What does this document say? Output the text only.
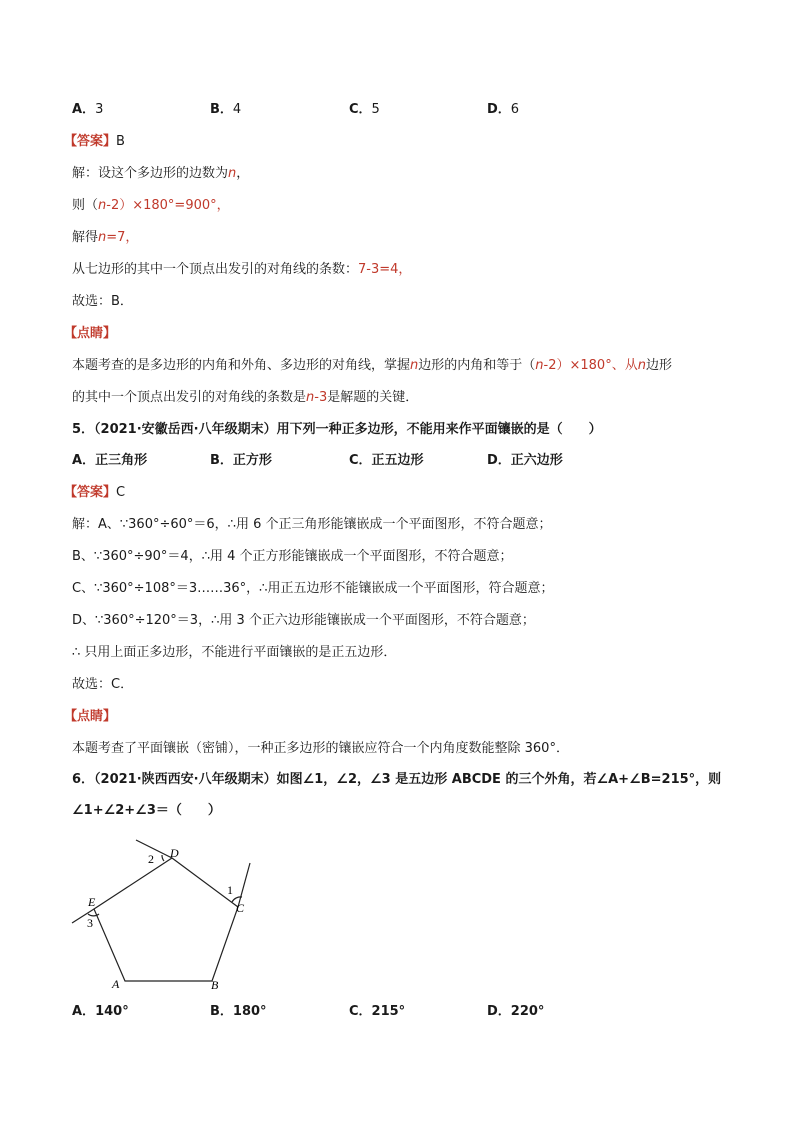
A．3	B．4	C．5	D．6
【答案】B
解：设这个多边形的边数为n，
则（n-2）×180°=900°，
解得n=7，
从七边形的其中一个顶点出发引的对角线的条数：7-3=4，
故选：B．
【点睛】
本题考查的是多边形的内角和外角、多边形的对角线，掌握n边形的内角和等于（n-2）×180°、从n边形
的其中一个顶点出发引的对角线的条数是n-3是解题的关键．
5．（2021·安徽岳西·八年级期末）用下列一种正多边形，不能用来作平面镶嵌的是（　　）
A．正三角形	B．正方形	C．正五边形	D．正六边形
【答案】C
解：A、∵360°÷60°＝6，∴用 6 个正三角形能镶嵌成一个平面图形，不符合题意；
B、∵360°÷90°＝4，∴用 4 个正方形能镶嵌成一个平面图形，不符合题意；
C、∵360°÷108°＝3……36°，∴用正五边形不能镶嵌成一个平面图形，符合题意；
D、∵360°÷120°＝3，∴用 3 个正六边形能镶嵌成一个平面图形，不符合题意；
∴ 只用上面正多边形，不能进行平面镶嵌的是正五边形．
故选：C．
【点睛】
本题考查了平面镶嵌（密铺），一种正多边形的镶嵌应符合一个内角度数能整除 360°．
6．（2021·陕西西安·八年级期末）如图∠1，∠2，∠3 是五边形 ABCDE 的三个外角，若∠A+∠B=215°，则
∠1+∠2+∠3＝（　　）
A	B
C
D
E
1
2
3
A．140°	B．180°	C．215°	D．220°
